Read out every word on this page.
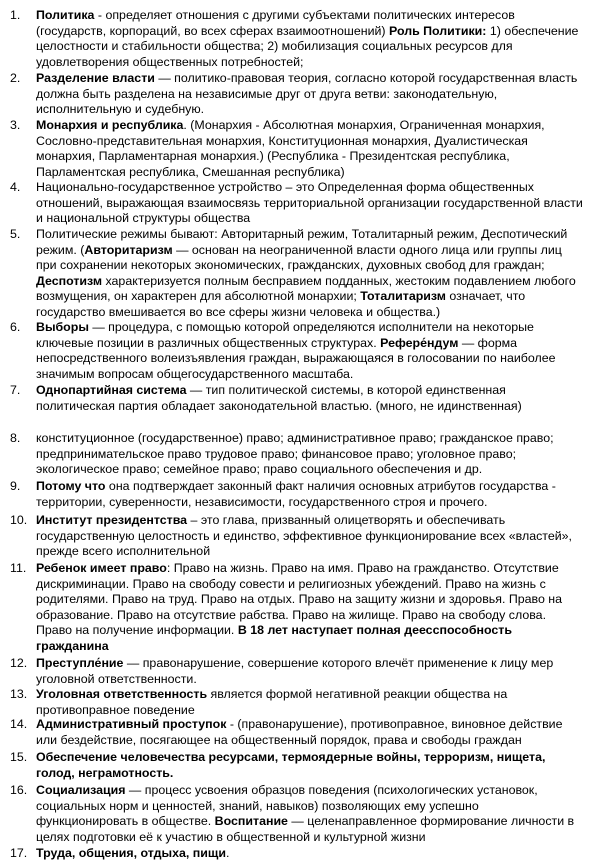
1.	Политика - определяет отношения с другими субъектами политических интересов (государств, корпораций, во всех сферах взаимоотношений) Роль Политики: 1) обеспечение целостности и стабильности общества; 2) мобилизация социальных ресурсов для удовлетворения общественных потребностей;
2.	Разделение власти — политико-правовая теория, согласно которой государственная власть должна быть разделена на независимые друг от друга ветви: законодательную, исполнительную и судебную.
3.	Монархия и республика. (Монархия - Абсолютная монархия, Ограниченная монархия, Сословно-представительная монархия, Конституционная монархия, Дуалистическая монархия, Парламентарная монархия.) (Республика - Президентская республика, Парламентская республика, Смешанная республика)
4.	Национально-государственное устройство – это Определенная форма общественных отношений, выражающая взаимосвязь территориальной организации государственной власти и национальной структуры общества
5.	Политические режимы бывают: Авторитарный режим, Тоталитарный режим, Деспотический режим. (Авторитаризм — основан на неограниченной власти одного лица или группы лиц при сохранении некоторых экономических, гражданских, духовных свобод для граждан; Деспотизм характеризуется полным бесправием подданных, жестоким подавлением любого возмущения, он характерен для абсолютной монархии; Тоталитаризм означает, что государство вмешивается во все сферы жизни человека и общества.)
6.	Выборы — процедура, с помощью которой определяются исполнители на некоторые ключевые позиции в различных общественных структурах. Рефере́ндум — форма непосредственного волеизъявления граждан, выражающаяся в голосовании по наиболее значимым вопросам общегосударственного масштаба.
7.	Однопартийная система — тип политической системы, в которой единственная политическая партия обладает законодательной властью. (много, не идинственная)
8.	конституционное (государственное) право; административное право; гражданское право; предпринимательское право трудовое право; финансовое право; уголовное право; экологическое право; семейное право; право социального обеспечения и др.
9.	Потому что она подтверждает законный факт наличия основных атрибутов государства - территории, суверенности, независимости, государственного строя и прочего.
10. Институт президентства – это глава, призванный олицетворять и обеспечивать государственную целостность и единство, эффективное функционирование всех «властей», прежде всего исполнительной
11. Ребенок имеет право: Право на жизнь. Право на имя. Право на гражданство. Отсутствие дискриминации. Право на свободу совести и религиозных убеждений. Право на жизнь с родителями. Право на труд. Право на отдых. Право на защиту жизни и здоровья. Право на образование. Право на отсутствие рабства. Право на жилище. Право на свободу слова. Право на получение информации. В 18 лет наступает полная деесспособность гражданина
12. Преступле́ние — правонарушение, совершение которого влечёт применение к лицу мер уголовной ответственности.
13. Уголовная ответственность является формой негативной реакции общества на противоправное поведение
14. Административный проступок - (правонарушение), противоправное, виновное действие или бездействие, посягающее на общественный порядок, права и свободы граждан
15. Обеспечение человечества ресурсами, термоядерные войны, терроризм, нищета, голод, неграмотность.
16. Социализация — процесс усвоения образцов поведения (психологических установок, социальных норм и ценностей, знаний, навыков) позволяющих ему успешно функционировать в обществе. Воспитание — целенаправленное формирование личности в целях подготовки её к участию в общественной и культурной жизни
17. Труда, общения, отдыха, пищи.
